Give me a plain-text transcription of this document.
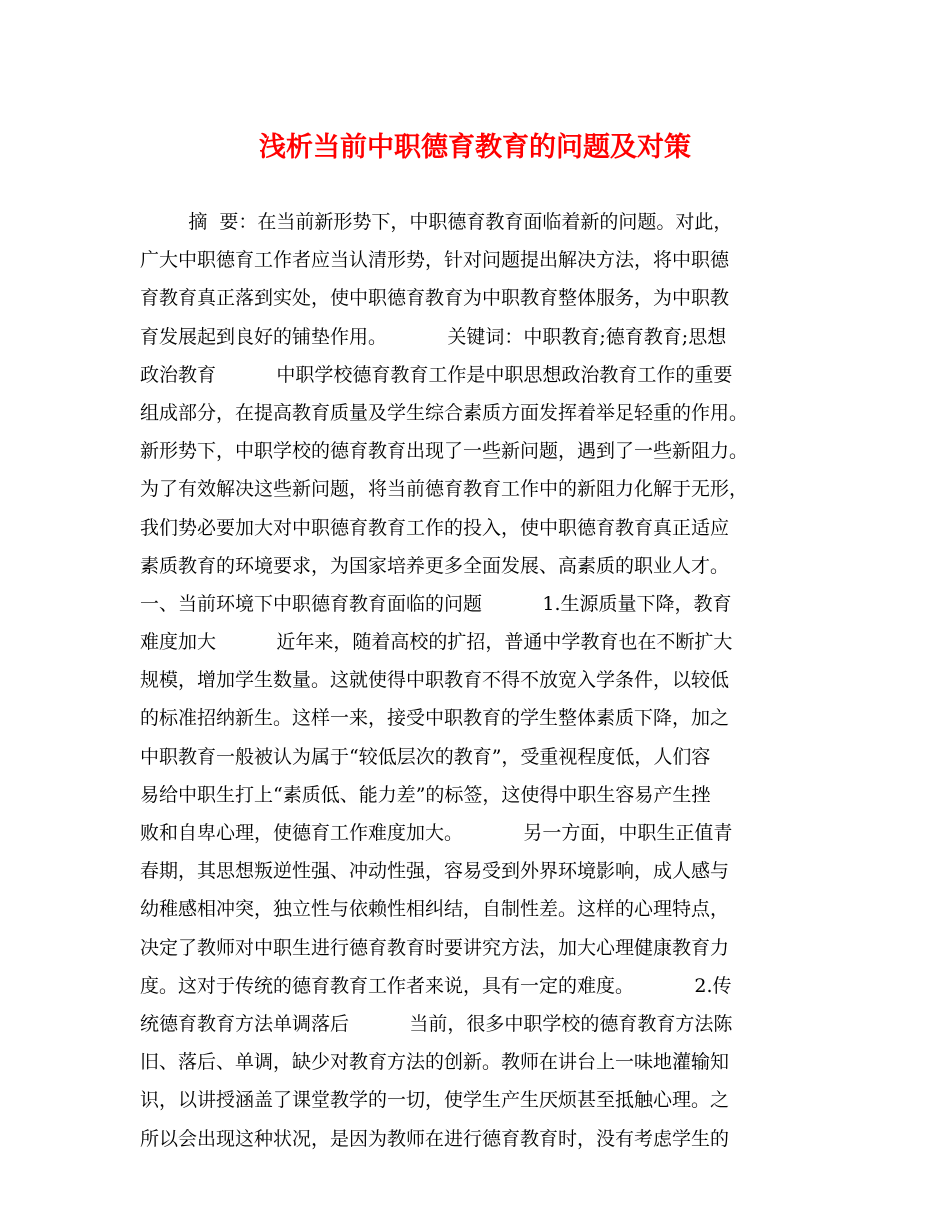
浅析当前中职德育教育的问题及对策
摘  要：在当前新形势下，中职德育教育面临着新的问题。对此，
广大中职德育工作者应当认清形势，针对问题提出解决方法，将中职德
育教育真正落到实处，使中职德育教育为中职教育整体服务，为中职教
育发展起到良好的铺垫作用。          关键词：中职教育;德育教育;思想
政治教育          中职学校德育教育工作是中职思想政治教育工作的重要
组成部分，在提高教育质量及学生综合素质方面发挥着举足轻重的作用。
新形势下，中职学校的德育教育出现了一些新问题，遇到了一些新阻力。
为了有效解决这些新问题，将当前德育教育工作中的新阻力化解于无形，
我们势必要加大对中职德育教育工作的投入，使中职德育教育真正适应
素质教育的环境要求，为国家培养更多全面发展、高素质的职业人才。
一、当前环境下中职德育教育面临的问题          1.生源质量下降，教育
难度加大          近年来，随着高校的扩招，普通中学教育也在不断扩大
规模，增加学生数量。这就使得中职教育不得不放宽入学条件，以较低
的标准招纳新生。这样一来，接受中职教育的学生整体素质下降，加之
中职教育一般被认为属于“较低层次的教育”，受重视程度低，人们容
易给中职生打上“素质低、能力差”的标签，这使得中职生容易产生挫
败和自卑心理，使德育工作难度加大。          另一方面，中职生正值青
春期，其思想叛逆性强、冲动性强，容易受到外界环境影响，成人感与
幼稚感相冲突，独立性与依赖性相纠结，自制性差。这样的心理特点，
决定了教师对中职生进行德育教育时要讲究方法，加大心理健康教育力
度。这对于传统的德育教育工作者来说，具有一定的难度。          2.传
统德育教育方法单调落后          当前，很多中职学校的德育教育方法陈
旧、落后、单调，缺少对教育方法的创新。教师在讲台上一味地灌输知
识，以讲授涵盖了课堂教学的一切，使学生产生厌烦甚至抵触心理。之
所以会出现这种状况，是因为教师在进行德育教育时，没有考虑学生的
